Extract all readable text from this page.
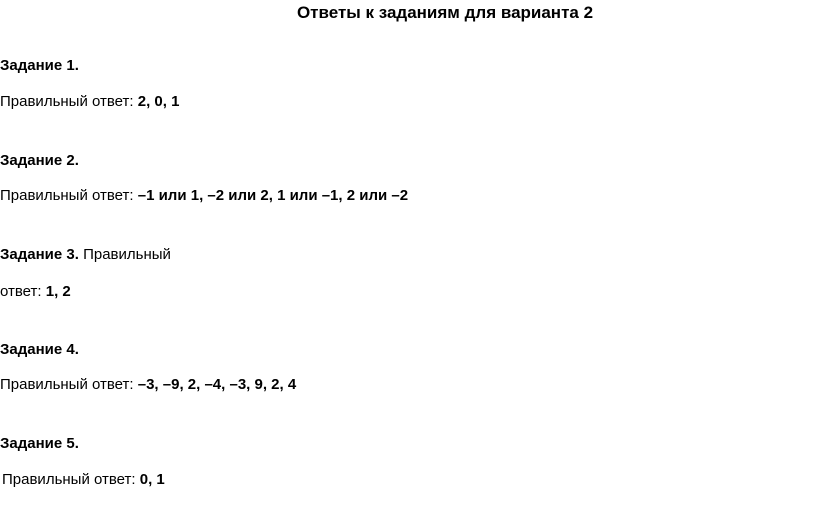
Ответы к заданиям для варианта 2
Задание 1.
Правильный ответ: 2, 0, 1
Задание 2.
Правильный ответ: –1 или 1, –2 или 2, 1 или –1, 2 или –2
Задание 3. Правильный
ответ: 1, 2
Задание 4.
Правильный ответ: –3, –9, 2, –4, –3, 9, 2, 4
Задание 5.
Правильный ответ: 0, 1
